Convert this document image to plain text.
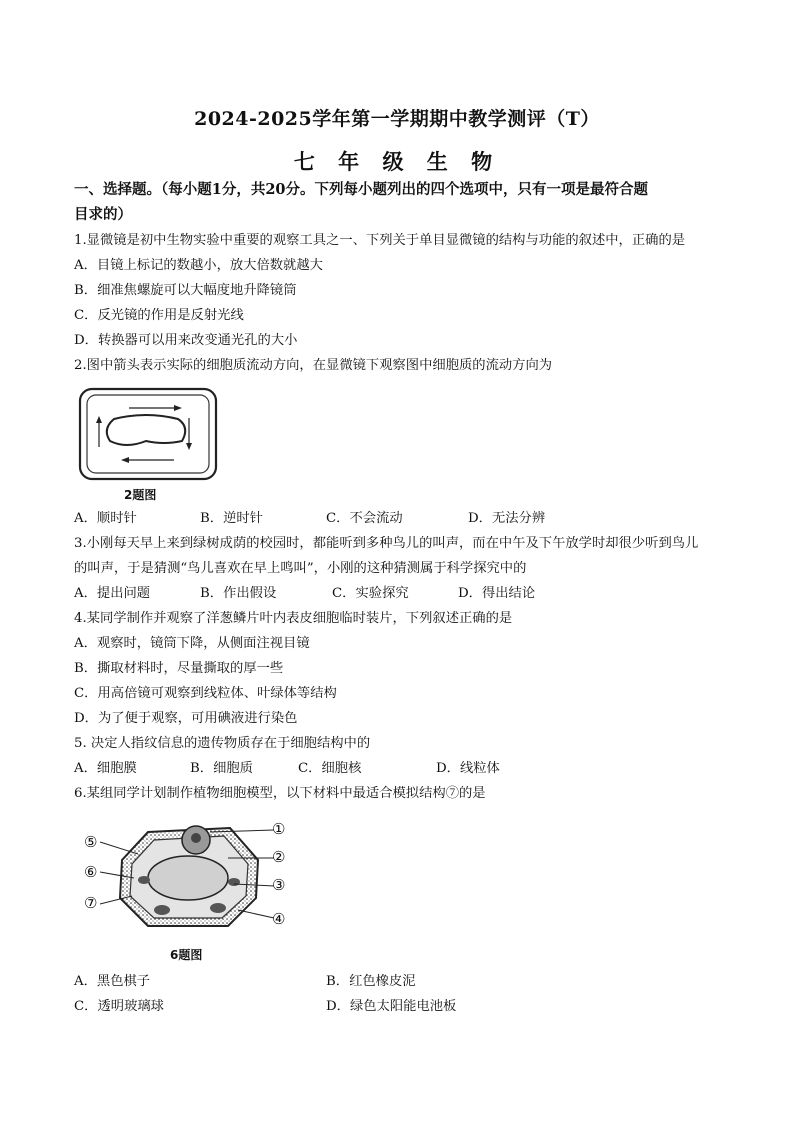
2024-2025学年第一学期期中教学测评（T）
七 年 级 生 物
一、选择题。（每小题1分，共20分。下列每小题列出的四个选项中，只有一项是最符合题
目求的）
1.显微镜是初中生物实验中重要的观察工具之一、下列关于单目显微镜的结构与功能的叙述中，正确的是
A．目镜上标记的数越小，放大倍数就越大
B．细准焦螺旋可以大幅度地升降镜筒
C．反光镜的作用是反射光线
D．转换器可以用来改变通光孔的大小
2.图中箭头表示实际的细胞质流动方向，在显微镜下观察图中细胞质的流动方向为
2题图
A．顺时针	B．逆时针	C．不会流动	D．无法分辨
3.小刚每天早上来到绿树成荫的校园时，都能听到多种鸟儿的叫声，而在中午及下午放学时却很少听到鸟儿
的叫声，于是猜测“鸟儿喜欢在早上鸣叫”，小刚的这种猜测属于科学探究中的
A．提出问题	B．作出假设	C．实验探究	D．得出结论
4.某同学制作并观察了洋葱鳞片叶内表皮细胞临时装片，下列叙述正确的是
A．观察时，镜筒下降，从侧面注视目镜
B．撕取材料时，尽量撕取的厚一些
C．用高倍镜可观察到线粒体、叶绿体等结构
D．为了便于观察，可用碘液进行染色
5. 决定人指纹信息的遗传物质存在于细胞结构中的
A．细胞膜	B．细胞质	C．细胞核	D．线粒体
6.某组同学计划制作植物细胞模型，以下材料中最适合模拟结构⑦的是
①
②
③
④
⑤
⑥
⑦
6题图
A．黑色棋子	B．红色橡皮泥
C．透明玻璃球	D．绿色太阳能电池板
